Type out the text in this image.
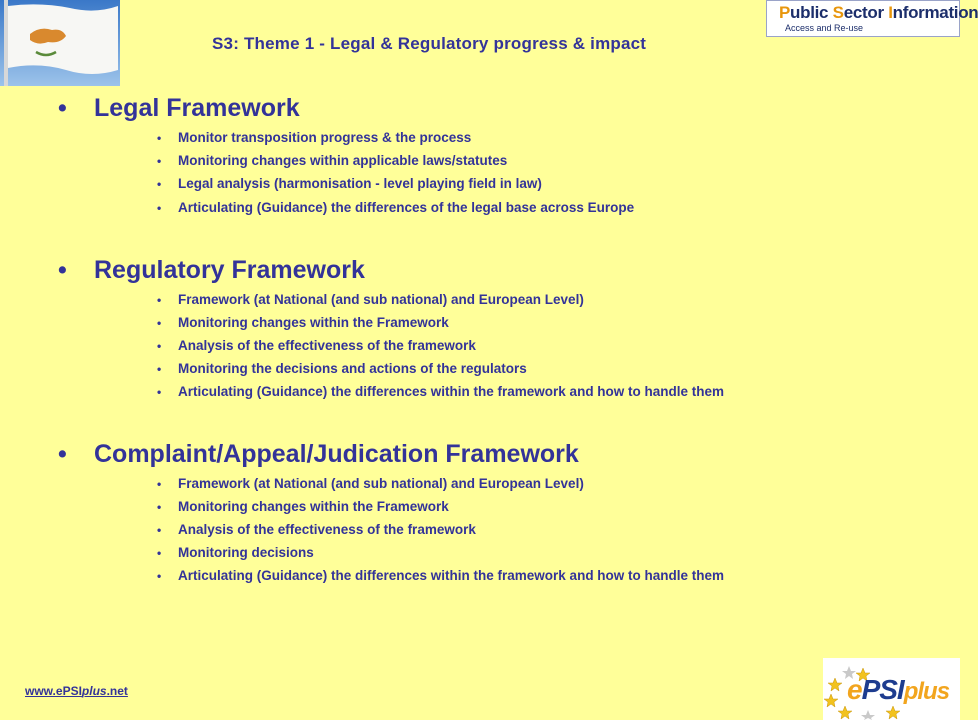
S3: Theme 1 - Legal & Regulatory progress & impact
Public Sector Information
Access and Re-use
• Legal Framework
• Monitor transposition progress & the process
• Monitoring changes within applicable laws/statutes
• Legal analysis (harmonisation - level playing field in law)
• Articulating (Guidance) the differences of the legal base across Europe
• Regulatory Framework
• Framework (at National (and sub national) and European Level)
• Monitoring changes within the Framework
• Analysis of the effectiveness of the framework
• Monitoring the decisions and actions of the regulators
• Articulating (Guidance) the differences within the framework and how to handle them
• Complaint/Appeal/Judication Framework
• Framework (at National (and sub national) and European Level)
• Monitoring changes within the Framework
• Analysis of the effectiveness of the framework
• Monitoring decisions
• Articulating (Guidance) the differences within the framework and how to handle them
www.ePSIplus.net	ePSIplus
